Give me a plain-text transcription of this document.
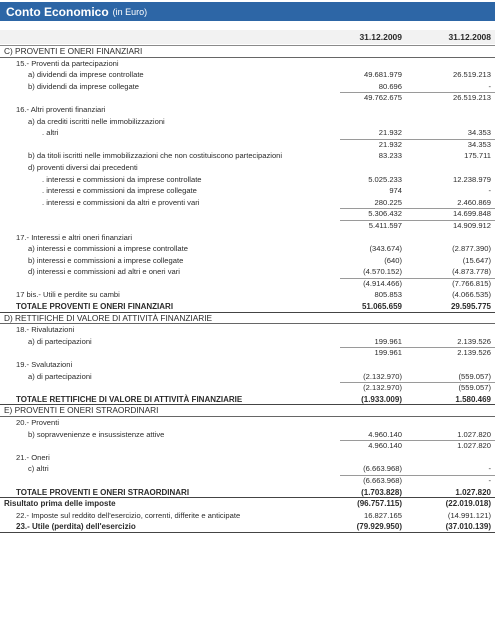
Conto Economico (in Euro)
31.12.2009	31.12.2008
C) PROVENTI E ONERI FINANZIARI
15.- Proventi da partecipazioni
a) dividendi da imprese controllate	49.681.979	26.519.213
b) dividendi da imprese collegate	80.696	-
49.762.675	26.519.213
16.- Altri proventi finanziari
a) da crediti iscritti nelle immobilizzazioni
. altri	21.932	34.353
21.932	34.353
b) da titoli iscritti nelle immobilizzazioni che non costituiscono partecipazioni	83.233	175.711
d) proventi diversi dai precedenti
. interessi e commissioni da imprese controllate	5.025.233	12.238.979
. interessi e commissioni da imprese collegate	974	-
. interessi e commissioni da altri e proventi vari	280.225	2.460.869
5.306.432	14.699.848
5.411.597	14.909.912
17.- Interessi e altri oneri finanziari
a) interessi e commissioni a imprese controllate	(343.674)	(2.877.390)
b) interessi e commissioni a imprese collegate	(640)	(15.647)
d) interessi e commissioni ad altri e oneri vari	(4.570.152)	(4.873.778)
(4.914.466)	(7.766.815)
17 bis.- Utili e perdite su cambi	805.853	(4.066.535)
TOTALE PROVENTI E ONERI FINANZIARI	51.065.659	29.595.775
D) RETTIFICHE DI VALORE DI ATTIVITÀ FINANZIARIE
18.- Rivalutazioni
a) di partecipazioni	199.961	2.139.526
199.961	2.139.526
19.- Svalutazioni
a) di partecipazioni	(2.132.970)	(559.057)
(2.132.970)	(559.057)
TOTALE RETTIFICHE DI VALORE DI ATTIVITÀ FINANZIARIE	(1.933.009)	1.580.469
E) PROVENTI E ONERI STRAORDINARI
20.- Proventi
b) sopravvenienze e insussistenze attive	4.960.140	1.027.820
4.960.140	1.027.820
21.- Oneri
c) altri	(6.663.968)	-
(6.663.968)	-
TOTALE PROVENTI E ONERI STRAORDINARI	(1.703.828)	1.027.820
Risultato prima delle imposte	(96.757.115)	(22.019.018)
22.- Imposte sul reddito dell'esercizio, correnti, differite e anticipate	16.827.165	(14.991.121)
23.- Utile (perdita) dell'esercizio	(79.929.950)	(37.010.139)
